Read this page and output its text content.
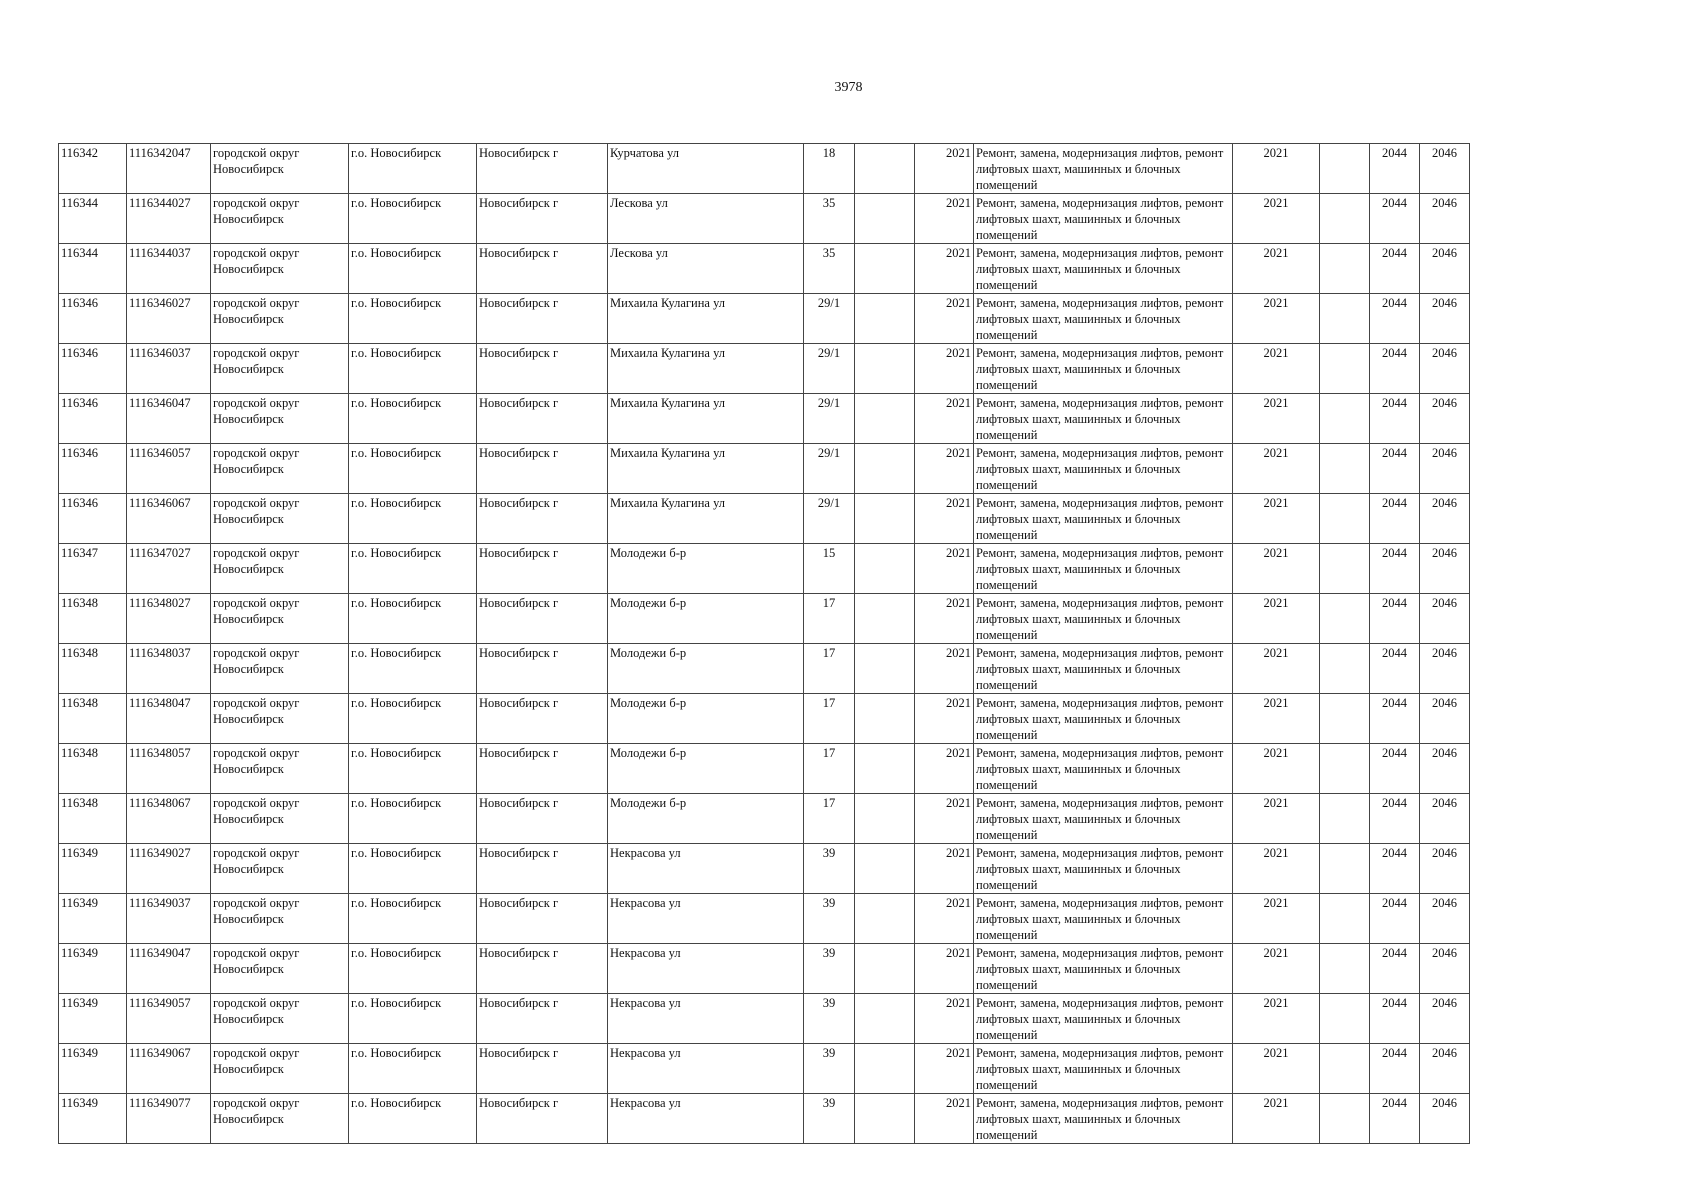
3978
116342	1116342047	городской округ Новосибирск	г.о. Новосибирск	Новосибирск г	Курчатова ул	18		2021	Ремонт, замена, модернизация лифтов, ремонт лифтовых шахт, машинных и блочных помещений	2021		2044	2046
116344	1116344027	городской округ Новосибирск	г.о. Новосибирск	Новосибирск г	Лескова ул	35		2021	Ремонт, замена, модернизация лифтов, ремонт лифтовых шахт, машинных и блочных помещений	2021		2044	2046
116344	1116344037	городской округ Новосибирск	г.о. Новосибирск	Новосибирск г	Лескова ул	35		2021	Ремонт, замена, модернизация лифтов, ремонт лифтовых шахт, машинных и блочных помещений	2021		2044	2046
116346	1116346027	городской округ Новосибирск	г.о. Новосибирск	Новосибирск г	Михаила Кулагина ул	29/1		2021	Ремонт, замена, модернизация лифтов, ремонт лифтовых шахт, машинных и блочных помещений	2021		2044	2046
116346	1116346037	городской округ Новосибирск	г.о. Новосибирск	Новосибирск г	Михаила Кулагина ул	29/1		2021	Ремонт, замена, модернизация лифтов, ремонт лифтовых шахт, машинных и блочных помещений	2021		2044	2046
116346	1116346047	городской округ Новосибирск	г.о. Новосибирск	Новосибирск г	Михаила Кулагина ул	29/1		2021	Ремонт, замена, модернизация лифтов, ремонт лифтовых шахт, машинных и блочных помещений	2021		2044	2046
116346	1116346057	городской округ Новосибирск	г.о. Новосибирск	Новосибирск г	Михаила Кулагина ул	29/1		2021	Ремонт, замена, модернизация лифтов, ремонт лифтовых шахт, машинных и блочных помещений	2021		2044	2046
116346	1116346067	городской округ Новосибирск	г.о. Новосибирск	Новосибирск г	Михаила Кулагина ул	29/1		2021	Ремонт, замена, модернизация лифтов, ремонт лифтовых шахт, машинных и блочных помещений	2021		2044	2046
116347	1116347027	городской округ Новосибирск	г.о. Новосибирск	Новосибирск г	Молодежи б-р	15		2021	Ремонт, замена, модернизация лифтов, ремонт лифтовых шахт, машинных и блочных помещений	2021		2044	2046
116348	1116348027	городской округ Новосибирск	г.о. Новосибирск	Новосибирск г	Молодежи б-р	17		2021	Ремонт, замена, модернизация лифтов, ремонт лифтовых шахт, машинных и блочных помещений	2021		2044	2046
116348	1116348037	городской округ Новосибирск	г.о. Новосибирск	Новосибирск г	Молодежи б-р	17		2021	Ремонт, замена, модернизация лифтов, ремонт лифтовых шахт, машинных и блочных помещений	2021		2044	2046
116348	1116348047	городской округ Новосибирск	г.о. Новосибирск	Новосибирск г	Молодежи б-р	17		2021	Ремонт, замена, модернизация лифтов, ремонт лифтовых шахт, машинных и блочных помещений	2021		2044	2046
116348	1116348057	городской округ Новосибирск	г.о. Новосибирск	Новосибирск г	Молодежи б-р	17		2021	Ремонт, замена, модернизация лифтов, ремонт лифтовых шахт, машинных и блочных помещений	2021		2044	2046
116348	1116348067	городской округ Новосибирск	г.о. Новосибирск	Новосибирск г	Молодежи б-р	17		2021	Ремонт, замена, модернизация лифтов, ремонт лифтовых шахт, машинных и блочных помещений	2021		2044	2046
116349	1116349027	городской округ Новосибирск	г.о. Новосибирск	Новосибирск г	Некрасова ул	39		2021	Ремонт, замена, модернизация лифтов, ремонт лифтовых шахт, машинных и блочных помещений	2021		2044	2046
116349	1116349037	городской округ Новосибирск	г.о. Новосибирск	Новосибирск г	Некрасова ул	39		2021	Ремонт, замена, модернизация лифтов, ремонт лифтовых шахт, машинных и блочных помещений	2021		2044	2046
116349	1116349047	городской округ Новосибирск	г.о. Новосибирск	Новосибирск г	Некрасова ул	39		2021	Ремонт, замена, модернизация лифтов, ремонт лифтовых шахт, машинных и блочных помещений	2021		2044	2046
116349	1116349057	городской округ Новосибирск	г.о. Новосибирск	Новосибирск г	Некрасова ул	39		2021	Ремонт, замена, модернизация лифтов, ремонт лифтовых шахт, машинных и блочных помещений	2021		2044	2046
116349	1116349067	городской округ Новосибирск	г.о. Новосибирск	Новосибирск г	Некрасова ул	39		2021	Ремонт, замена, модернизация лифтов, ремонт лифтовых шахт, машинных и блочных помещений	2021		2044	2046
116349	1116349077	городской округ Новосибирск	г.о. Новосибирск	Новосибирск г	Некрасова ул	39		2021	Ремонт, замена, модернизация лифтов, ремонт лифтовых шахт, машинных и блочных помещений	2021		2044	2046
